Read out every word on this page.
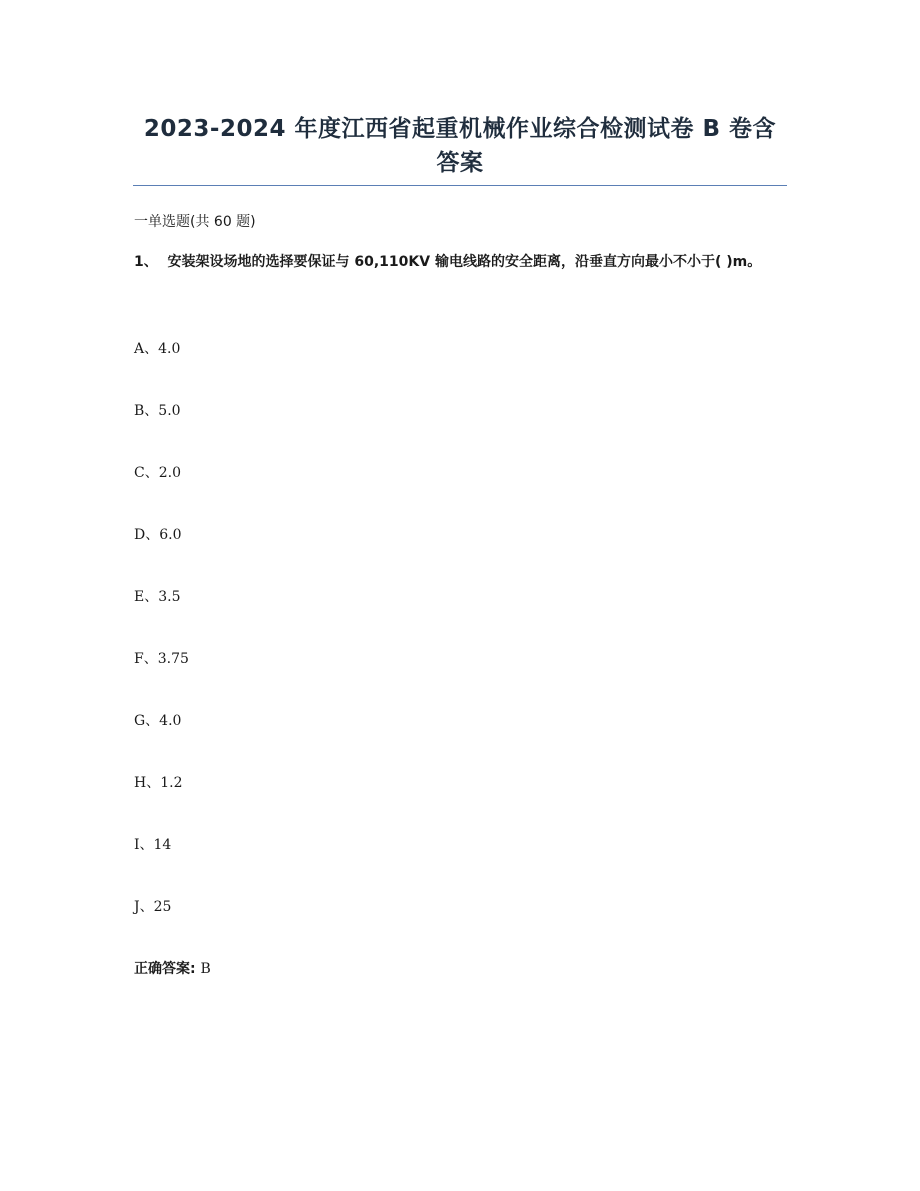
2023-2024 年度江西省起重机械作业综合检测试卷 B 卷含答案
一单选题(共 60 题)
1、 安装架设场地的选择要保证与 60,110KV 输电线路的安全距离，沿垂直方向最小不小于( )m。
A、4.0
B、5.0
C、2.0
D、6.0
E、3.5
F、3.75
G、4.0
H、1.2
I、14
J、25
正确答案: B
